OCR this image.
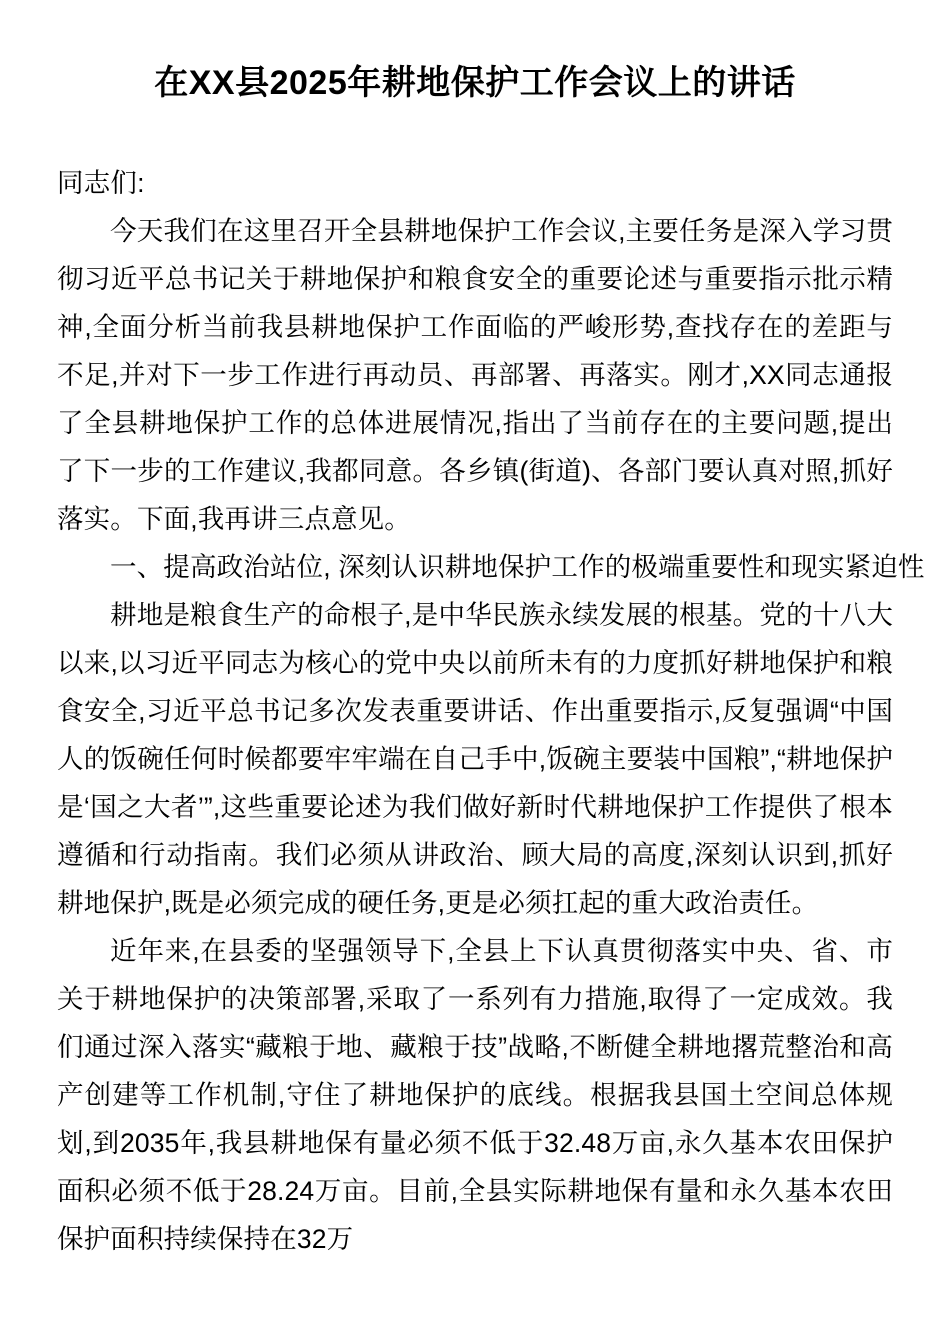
在XX县2025年耕地保护工作会议上的讲话

同志们:

今天我们在这里召开全县耕地保护工作会议,主要任务是深入学习贯彻习近平总书记关于耕地保护和粮食安全的重要论述与重要指示批示精神,全面分析当前我县耕地保护工作面临的严峻形势,查找存在的差距与不足,并对下一步工作进行再动员、再部署、再落实。刚才,XX同志通报了全县耕地保护工作的总体进展情况,指出了当前存在的主要问题,提出了下一步的工作建议,我都同意。各乡镇(街道)、各部门要认真对照,抓好落实。下面,我再讲三点意见。

一、提高政治站位, 深刻认识耕地保护工作的极端重要性和现实紧迫性

耕地是粮食生产的命根子,是中华民族永续发展的根基。党的十八大以来,以习近平同志为核心的党中央以前所未有的力度抓好耕地保护和粮食安全,习近平总书记多次发表重要讲话、作出重要指示,反复强调“中国人的饭碗任何时候都要牢牢端在自己手中,饭碗主要装中国粮”,“耕地保护是‘国之大者’”,这些重要论述为我们做好新时代耕地保护工作提供了根本遵循和行动指南。我们必须从讲政治、顾大局的高度,深刻认识到,抓好耕地保护,既是必须完成的硬任务,更是必须扛起的重大政治责任。

近年来,在县委的坚强领导下,全县上下认真贯彻落实中央、省、市关于耕地保护的决策部署,采取了一系列有力措施,取得了一定成效。我们通过深入落实“藏粮于地、藏粮于技”战略,不断健全耕地撂荒整治和高产创建等工作机制,守住了耕地保护的底线。根据我县国土空间总体规划,到2035年,我县耕地保有量必须不低于32.48万亩,永久基本农田保护面积必须不低于28.24万亩。目前,全县实际耕地保有量和永久基本农田保护面积持续保持在32万
